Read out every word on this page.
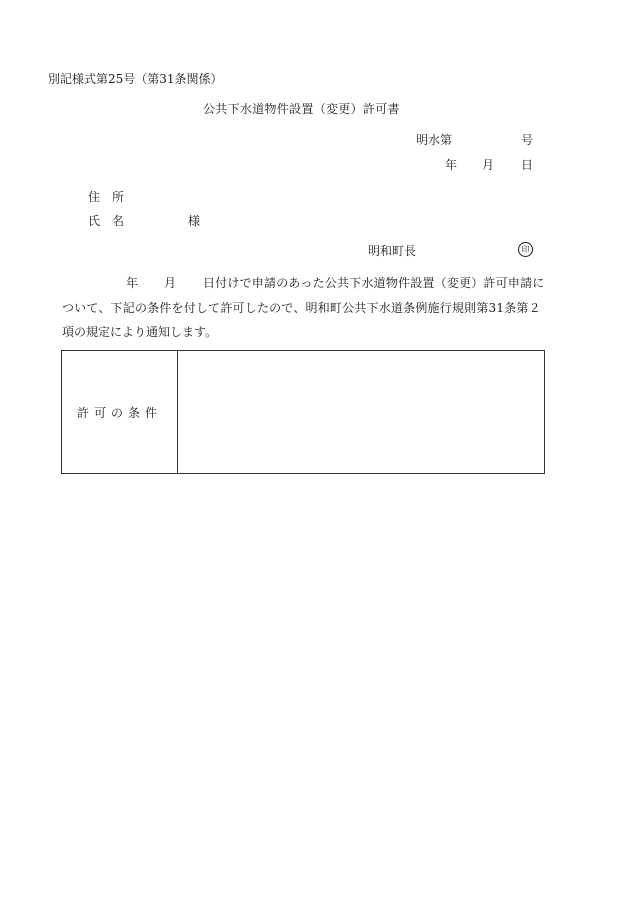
別記様式第25号（第31条関係）
公共下水道物件設置（変更）許可書
明水第	号
年 月 日
住　所
氏　名	様
明和町長	印
年 月 日付けで申請のあった公共下水道物件設置（変更）許可申請に
ついて、下記の条件を付して許可したので、明和町公共下水道条例施行規則第31条第２
項の規定により通知します。
許可の条件
